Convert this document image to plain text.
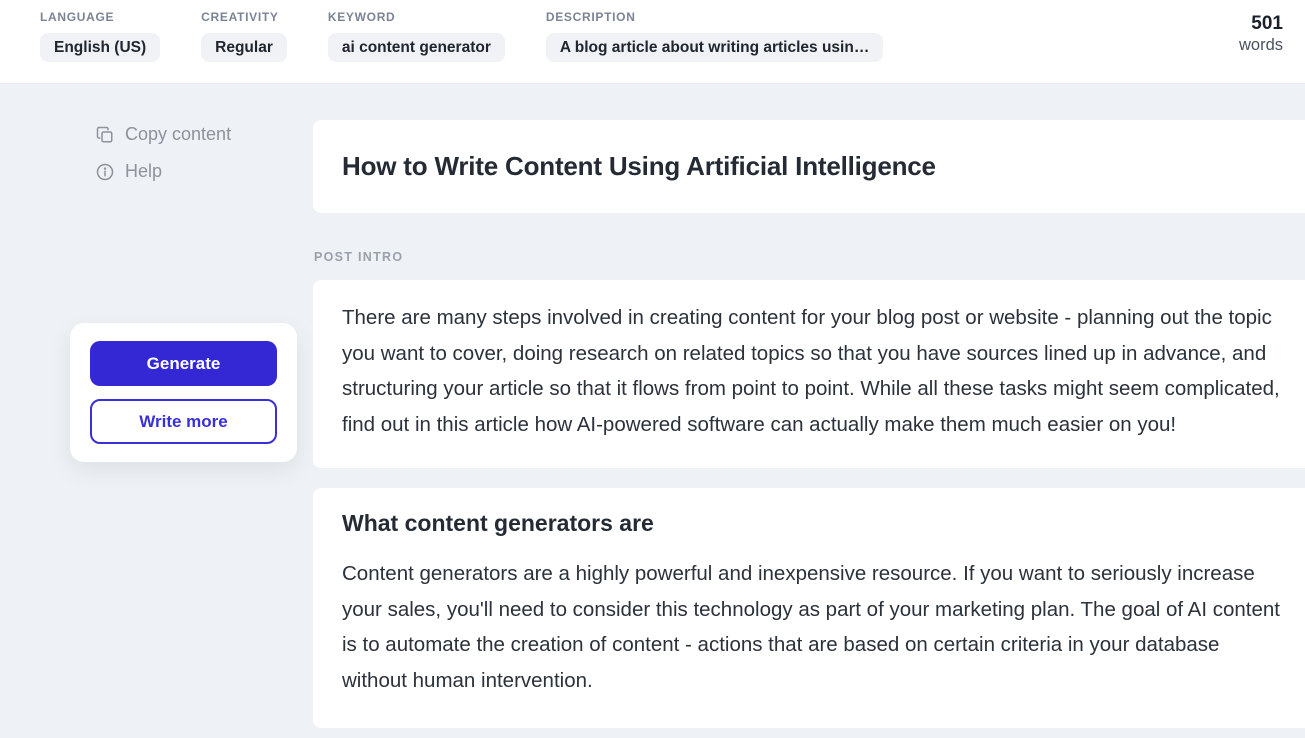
LANGUAGE
English (US)
CREATIVITY
Regular
KEYWORD
ai content generator
DESCRIPTION
A blog article about writing articles usin…
501
words
Copy content
Help
Generate
Write more
How to Write Content Using Artificial Intelligence
POST INTRO

There are many steps involved in creating content for your blog post or website - planning out the topic you want to cover, doing research on related topics so that you have sources lined up in advance, and structuring your article so that it flows from point to point. While all these tasks might seem complicated, find out in this article how AI-powered software can actually make them much easier on you!

What content generators are

Content generators are a highly powerful and inexpensive resource. If you want to seriously increase your sales, you'll need to consider this technology as part of your marketing plan. The goal of AI content is to automate the creation of content - actions that are based on certain criteria in your database without human intervention.
